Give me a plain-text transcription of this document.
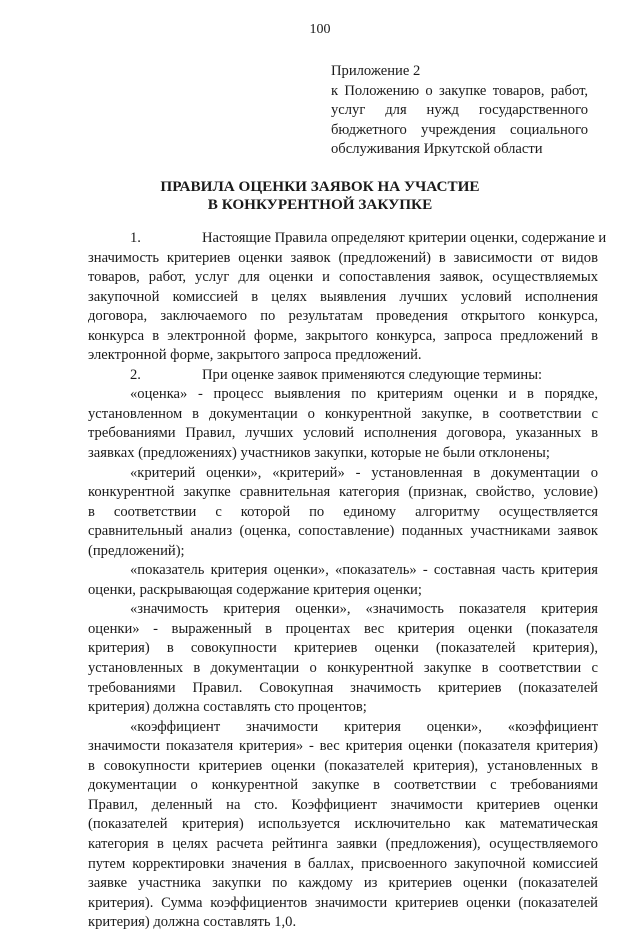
100
Приложение 2
к Положению о закупке товаров, работ,
услуг для нужд государственного
бюджетного учреждения социального
обслуживания Иркутской области
ПРАВИЛА ОЦЕНКИ ЗАЯВОК НА УЧАСТИЕ
В КОНКУРЕНТНОЙ ЗАКУПКЕ
1.	Настоящие Правила определяют критерии оценки, содержание и
значимость критериев оценки заявок (предложений) в зависимости от видов
товаров, работ, услуг для оценки и сопоставления заявок, осуществляемых
закупочной комиссией в целях выявления лучших условий исполнения
договора, заключаемого по результатам проведения открытого конкурса,
конкурса в электронной форме, закрытого конкурса, запроса предложений в
электронной форме, закрытого запроса предложений.
2.	При оценке заявок применяются следующие термины:
«оценка» - процесс выявления по критериям оценки и в порядке,
установленном в документации о конкурентной закупке, в соответствии с
требованиями Правил, лучших условий исполнения договора, указанных в
заявках (предложениях) участников закупки, которые не были отклонены;
«критерий оценки», «критерий» - установленная в документации о
конкурентной закупке сравнительная категория (признак, свойство, условие)
в соответствии с которой по единому алгоритму осуществляется
сравнительный анализ (оценка, сопоставление) поданных участниками заявок
(предложений);
«показатель критерия оценки», «показатель» - составная часть критерия
оценки, раскрывающая содержание критерия оценки;
«значимость критерия оценки», «значимость показателя критерия
оценки» - выраженный в процентах вес критерия оценки (показателя
критерия) в совокупности критериев оценки (показателей критерия),
установленных в документации о конкурентной закупке в соответствии с
требованиями Правил. Совокупная значимость критериев (показателей
критерия) должна составлять сто процентов;
«коэффициент значимости критерия оценки», «коэффициент
значимости показателя критерия» - вес критерия оценки (показателя критерия)
в совокупности критериев оценки (показателей критерия), установленных в
документации о конкурентной закупке в соответствии с требованиями
Правил, деленный на сто. Коэффициент значимости критериев оценки
(показателей критерия) используется исключительно как математическая
категория в целях расчета рейтинга заявки (предложения), осуществляемого
путем корректировки значения в баллах, присвоенного закупочной комиссией
заявке участника закупки по каждому из критериев оценки (показателей
критерия). Сумма коэффициентов значимости критериев оценки (показателей
критерия) должна составлять 1,0.
